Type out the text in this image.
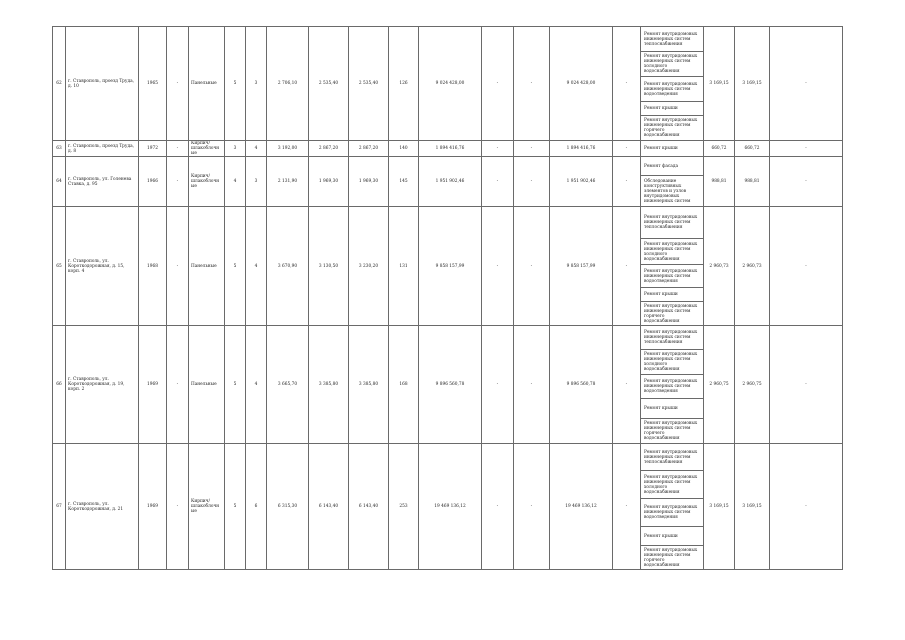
62	г. Ставрополь, проезд Труда, д. 10	1965	-	Панельные	5	3	2 706,10	2 535,40	2 535,40	126	9 024 428,00	-	-	9 024 428,00	-	Ремонт внутридомовых инженерных систем теплоснабжения	3 169,15	3 169,15	-
																Ремонт внутридомовых инженерных систем холодного водоснабжения			
																Ремонт внутридомовых инженерных систем водоотведения			
																Ремонт крыши			
																Ремонт внутридомовых инженерных систем горячего водоснабжения			
63	г. Ставрополь, проезд Труда, д. 8	1972	-	Кирпич/ шлакоблочные	3	4	3 192,00	2 867,20	2 867,20	140	1 894 416,76	-	-	1 894 416,76	-	Ремонт крыши	660,72	660,72	-
64	г. Ставрополь, ул. Голенева Ставка, д. 95	1966	-	Кирпич/ шлакоблочные	4	3	2 131,90	1 969,30	1 969,30	145	1 951 902,46	-	-	1 951 902,46	-	Ремонт фасада	988,81	988,81	-
																Обследование конструктивных элементов и узлов внутридомовых инженерных систем			
65	г. Ставрополь, ул. Короткодорожная, д. 15, корп. 4	1968	-	Панельные	5	4	3 670,90	3 130,50	3 230,20	131	9 858 157,99	-	-	9 858 157,99	-	Ремонт внутридомовых инженерных систем теплоснабжения	2 960,73	2 960,73	-
																Ремонт внутридомовых инженерных систем холодного водоснабжения			
																Ремонт внутридомовых инженерных систем водоотведения			
																Ремонт крыши			
																Ремонт внутридомовых инженерных систем горячего водоснабжения			
66	г. Ставрополь, ул. Короткодорожная, д. 19, корп. 2	1969	-	Панельные	5	4	3 665,70	3 385,80	3 385,80	168	9 896 560,78	-	-	9 896 560,78	-	Ремонт внутридомовых инженерных систем теплоснабжения	2 960,75	2 960,75	-
																Ремонт внутридомовых инженерных систем холодного водоснабжения			
																Ремонт внутридомовых инженерных систем водоотведения			
																Ремонт крыши			
																Ремонт внутридомовых инженерных систем горячего водоснабжения			
67	г. Ставрополь, ул. Короткодорожная, д. 21	1969	-	Кирпич/ шлакоблочные	5	6	6 315,30	6 143,40	6 143,40	253	19 469 136,12	-	-	19 469 136,12	-	Ремонт внутридомовых инженерных систем теплоснабжения	3 169,15	3 169,15	-
																Ремонт внутридомовых инженерных систем холодного водоснабжения			
																Ремонт внутридомовых инженерных систем водоотведения			
																Ремонт крыши			
																Ремонт внутридомовых инженерных систем горячего водоснабжения			
